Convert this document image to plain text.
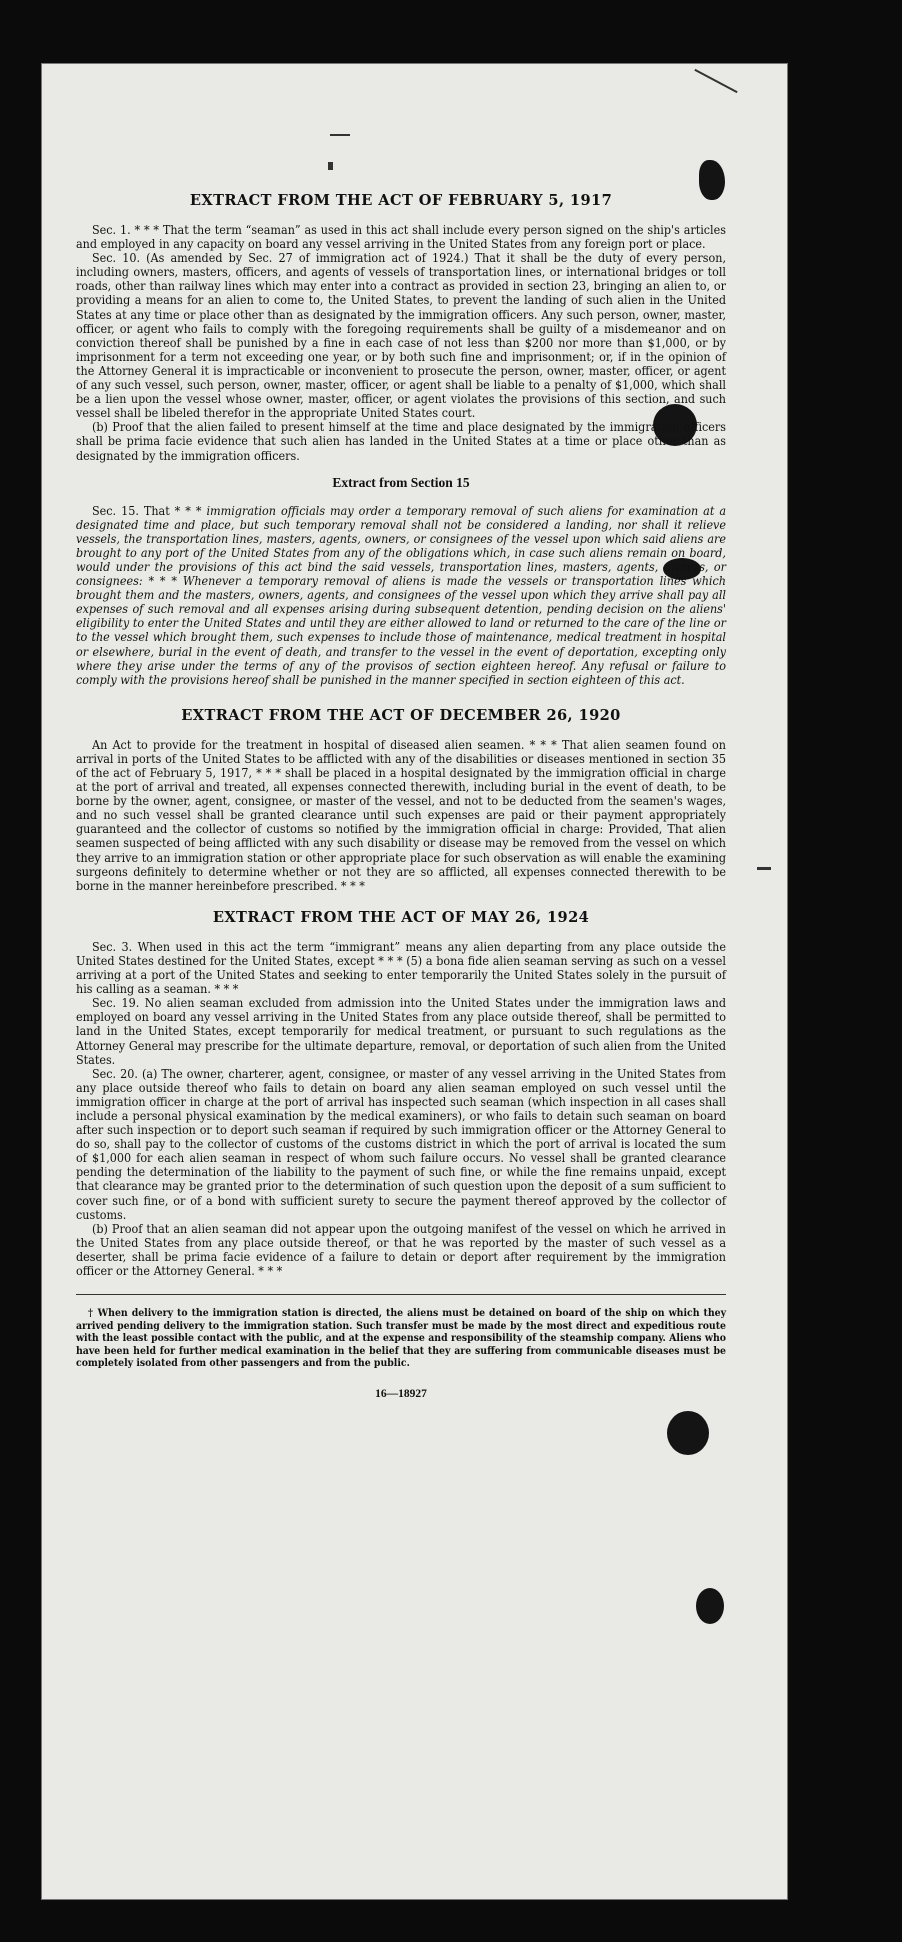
EXTRACT FROM THE ACT OF FEBRUARY 5, 1917

Sec. 1. * * * That the term “seaman” as used in this act shall include every person signed on the ship's articles and employed in any capacity on board any vessel arriving in the United States from any foreign port or place.

Sec. 10. (As amended by Sec. 27 of immigration act of 1924.) That it shall be the duty of every person, including owners, masters, officers, and agents of vessels of transportation lines, or international bridges or toll roads, other than railway lines which may enter into a contract as provided in section 23, bringing an alien to, or providing a means for an alien to come to, the United States, to prevent the landing of such alien in the United States at any time or place other than as designated by the immigration officers. Any such person, owner, master, officer, or agent who fails to comply with the foregoing requirements shall be guilty of a misdemeanor and on conviction thereof shall be punished by a fine in each case of not less than $200 nor more than $1,000, or by imprisonment for a term not exceeding one year, or by both such fine and imprisonment; or, if in the opinion of the Attorney General it is impracticable or inconvenient to prosecute the person, owner, master, officer, or agent of any such vessel, such person, owner, master, officer, or agent shall be liable to a penalty of $1,000, which shall be a lien upon the vessel whose owner, master, officer, or agent violates the provisions of this section, and such vessel shall be libeled therefor in the appropriate United States court.

(b) Proof that the alien failed to present himself at the time and place designated by the immigration officers shall be prima facie evidence that such alien has landed in the United States at a time or place other than as designated by the immigration officers.

Extract from Section 15

Sec. 15. That * * * immigration officials may order a temporary removal of such aliens for examination at a designated time and place, but such temporary removal shall not be considered a landing, nor shall it relieve vessels, the transportation lines, masters, agents, owners, or consignees of the vessel upon which said aliens are brought to any port of the United States from any of the obligations which, in case such aliens remain on board, would under the provisions of this act bind the said vessels, transportation lines, masters, agents, owners, or consignees: * * * Whenever a temporary removal of aliens is made the vessels or transportation lines which brought them and the masters, owners, agents, and consignees of the vessel upon which they arrive shall pay all expenses of such removal and all expenses arising during subsequent detention, pending decision on the aliens' eligibility to enter the United States and until they are either allowed to land or returned to the care of the line or to the vessel which brought them, such expenses to include those of maintenance, medical treatment in hospital or elsewhere, burial in the event of death, and transfer to the vessel in the event of deportation, excepting only where they arise under the terms of any of the provisos of section eighteen hereof. Any refusal or failure to comply with the provisions hereof shall be punished in the manner specified in section eighteen of this act.

EXTRACT FROM THE ACT OF DECEMBER 26, 1920

An Act to provide for the treatment in hospital of diseased alien seamen. * * * That alien seamen found on arrival in ports of the United States to be afflicted with any of the disabilities or diseases mentioned in section 35 of the act of February 5, 1917, * * * shall be placed in a hospital designated by the immigration official in charge at the port of arrival and treated, all expenses connected therewith, including burial in the event of death, to be borne by the owner, agent, consignee, or master of the vessel, and not to be deducted from the seamen's wages, and no such vessel shall be granted clearance until such expenses are paid or their payment appropriately guaranteed and the collector of customs so notified by the immigration official in charge: Provided, That alien seamen suspected of being afflicted with any such disability or disease may be removed from the vessel on which they arrive to an immigration station or other appropriate place for such observation as will enable the examining surgeons definitely to determine whether or not they are so afflicted, all expenses connected therewith to be borne in the manner hereinbefore prescribed. * * *

EXTRACT FROM THE ACT OF MAY 26, 1924

Sec. 3. When used in this act the term “immigrant” means any alien departing from any place outside the United States destined for the United States, except * * * (5) a bona fide alien seaman serving as such on a vessel arriving at a port of the United States and seeking to enter temporarily the United States solely in the pursuit of his calling as a seaman. * * *

Sec. 19. No alien seaman excluded from admission into the United States under the immigration laws and employed on board any vessel arriving in the United States from any place outside thereof, shall be permitted to land in the United States, except temporarily for medical treatment, or pursuant to such regulations as the Attorney General may prescribe for the ultimate departure, removal, or deportation of such alien from the United States.

Sec. 20. (a) The owner, charterer, agent, consignee, or master of any vessel arriving in the United States from any place outside thereof who fails to detain on board any alien seaman employed on such vessel until the immigration officer in charge at the port of arrival has inspected such seaman (which inspection in all cases shall include a personal physical examination by the medical examiners), or who fails to detain such seaman on board after such inspection or to deport such seaman if required by such immigration officer or the Attorney General to do so, shall pay to the collector of customs of the customs district in which the port of arrival is located the sum of $1,000 for each alien seaman in respect of whom such failure occurs. No vessel shall be granted clearance pending the determination of the liability to the payment of such fine, or while the fine remains unpaid, except that clearance may be granted prior to the determination of such question upon the deposit of a sum sufficient to cover such fine, or of a bond with sufficient surety to secure the payment thereof approved by the collector of customs.

(b) Proof that an alien seaman did not appear upon the outgoing manifest of the vessel on which he arrived in the United States from any place outside thereof, or that he was reported by the master of such vessel as a deserter, shall be prima facie evidence of a failure to detain or deport after requirement by the immigration officer or the Attorney General. * * *

† When delivery to the immigration station is directed, the aliens must be detained on board of the ship on which they arrived pending delivery to the immigration station. Such transfer must be made by the most direct and expeditious route with the least possible contact with the public, and at the expense and responsibility of the steamship company. Aliens who have been held for further medical examination in the belief that they are suffering from communicable diseases must be completely isolated from other passengers and from the public.

16—18927
